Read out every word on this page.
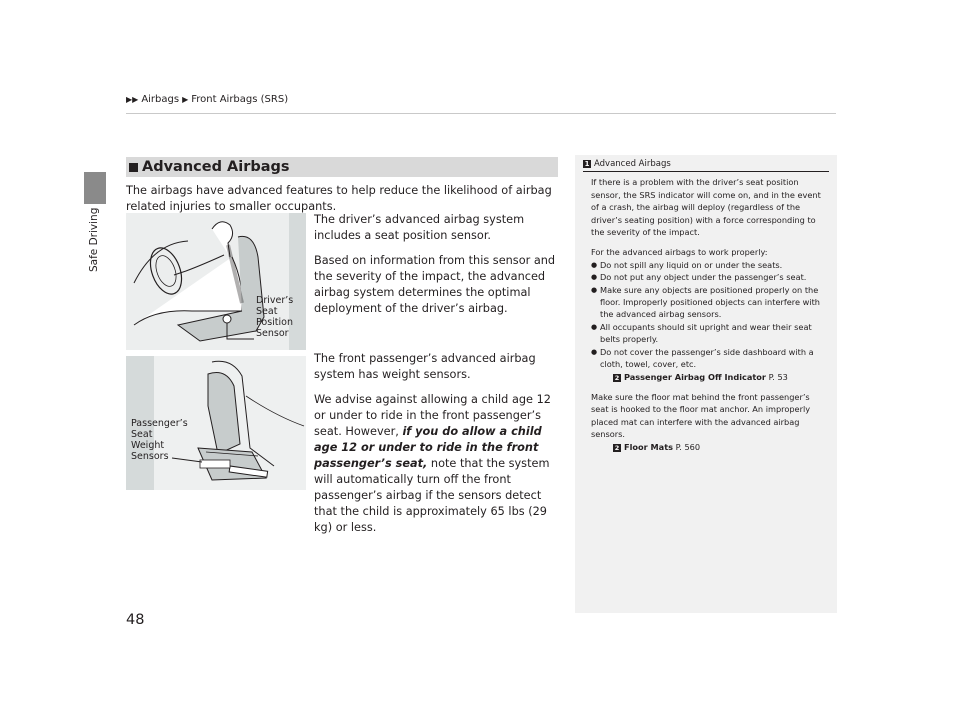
Safe Driving
▶▶ Airbags ▶ Front Airbags (SRS)
Advanced Airbags
The airbags have advanced features to help reduce the likelihood of airbag related injuries to smaller occupants.
Driver’s
Seat
Position
Sensor
Passenger’s
Seat
Weight
Sensors

The driver’s advanced airbag system includes a seat position sensor.

Based on information from this sensor and the severity of the impact, the advanced airbag system determines the optimal deployment of the driver’s airbag.

The front passenger’s advanced airbag system has weight sensors.

We advise against allowing a child age 12 or under to ride in the front passenger’s seat. However, if you do allow a child age 12 or under to ride in the front passenger’s seat, note that the system will automatically turn off the front passenger’s airbag if the sensors detect that the child is approximately 65 lbs (29 kg) or less.

1 Advanced Airbags

If there is a problem with the driver’s seat position sensor, the SRS indicator will come on, and in the event of a crash, the airbag will deploy (regardless of the driver’s seating position) with a force corresponding to the severity of the impact.

For the advanced airbags to work properly:
● Do not spill any liquid on or under the seats.
● Do not put any object under the passenger’s seat.
● Make sure any objects are positioned properly on the floor. Improperly positioned objects can interfere with the advanced airbag sensors.
● All occupants should sit upright and wear their seat belts properly.
● Do not cover the passenger’s side dashboard with a cloth, towel, cover, etc.
2 Passenger Airbag Off Indicator P. 53

Make sure the floor mat behind the front passenger’s seat is hooked to the floor mat anchor. An improperly placed mat can interfere with the advanced airbag sensors.

2 Floor Mats P. 560
48
